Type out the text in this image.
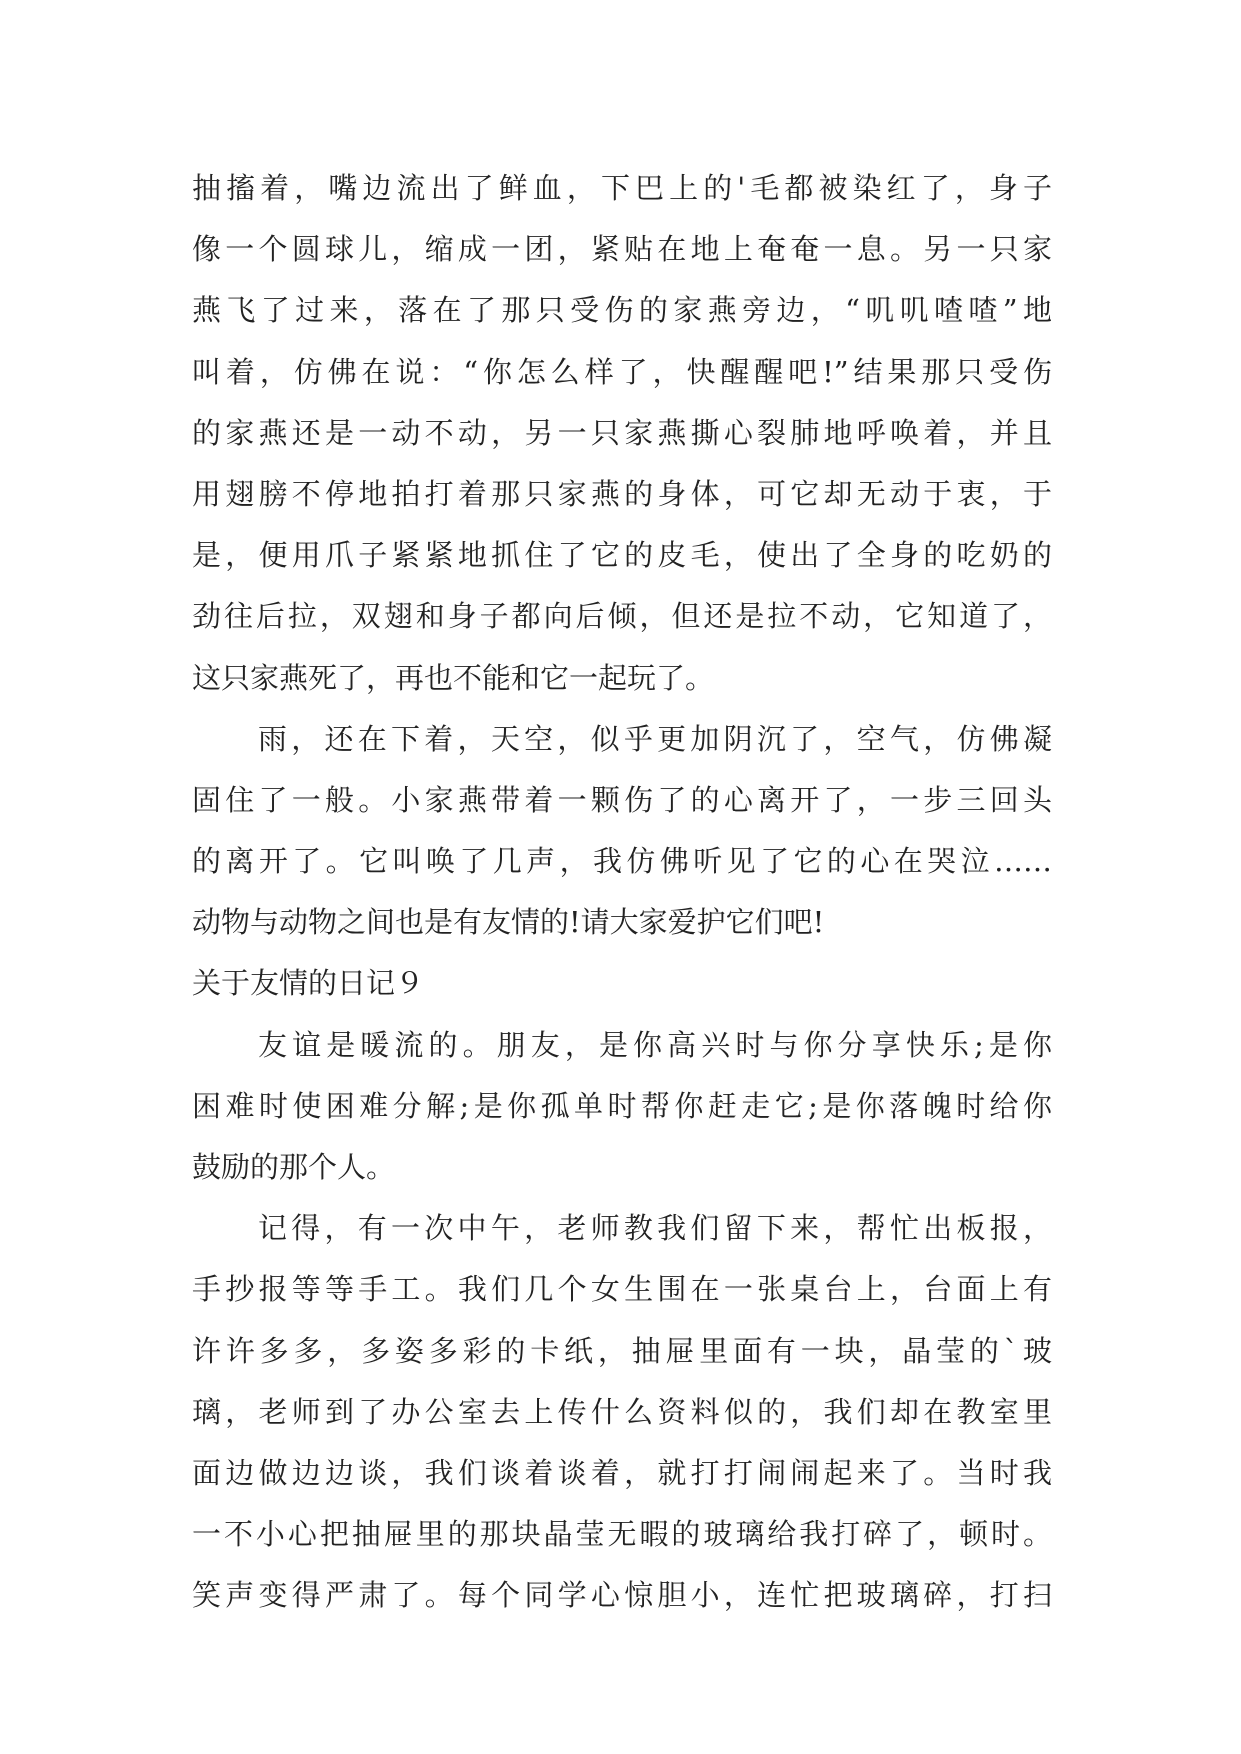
抽搐着，嘴边流出了鲜血，下巴上的'毛都被染红了，身子
像一个圆球儿，缩成一团，紧贴在地上奄奄一息。另一只家
燕飞了过来，落在了那只受伤的家燕旁边，“叽叽喳喳”地
叫着，仿佛在说：“你怎么样了，快醒醒吧!”结果那只受伤
的家燕还是一动不动，另一只家燕撕心裂肺地呼唤着，并且
用翅膀不停地拍打着那只家燕的身体，可它却无动于衷，于
是，便用爪子紧紧地抓住了它的皮毛，使出了全身的吃奶的
劲往后拉，双翅和身子都向后倾，但还是拉不动，它知道了，
这只家燕死了，再也不能和它一起玩了。
雨，还在下着，天空，似乎更加阴沉了，空气，仿佛凝
固住了一般。小家燕带着一颗伤了的心离开了，一步三回头
的离开了。它叫唤了几声，我仿佛听见了它的心在哭泣……
动物与动物之间也是有友情的!请大家爱护它们吧!
关于友情的日记９
友谊是暖流的。朋友，是你高兴时与你分享快乐;是你
困难时使困难分解;是你孤单时帮你赶走它;是你落魄时给你
鼓励的那个人。
记得，有一次中午，老师教我们留下来，帮忙出板报，
手抄报等等手工。我们几个女生围在一张桌台上，台面上有
许许多多，多姿多彩的卡纸，抽屉里面有一块，晶莹的`玻
璃，老师到了办公室去上传什么资料似的，我们却在教室里
面边做边边谈，我们谈着谈着，就打打闹闹起来了。当时我
一不小心把抽屉里的那块晶莹无暇的玻璃给我打碎了，顿时。
笑声变得严肃了。每个同学心惊胆小，连忙把玻璃碎，打扫
